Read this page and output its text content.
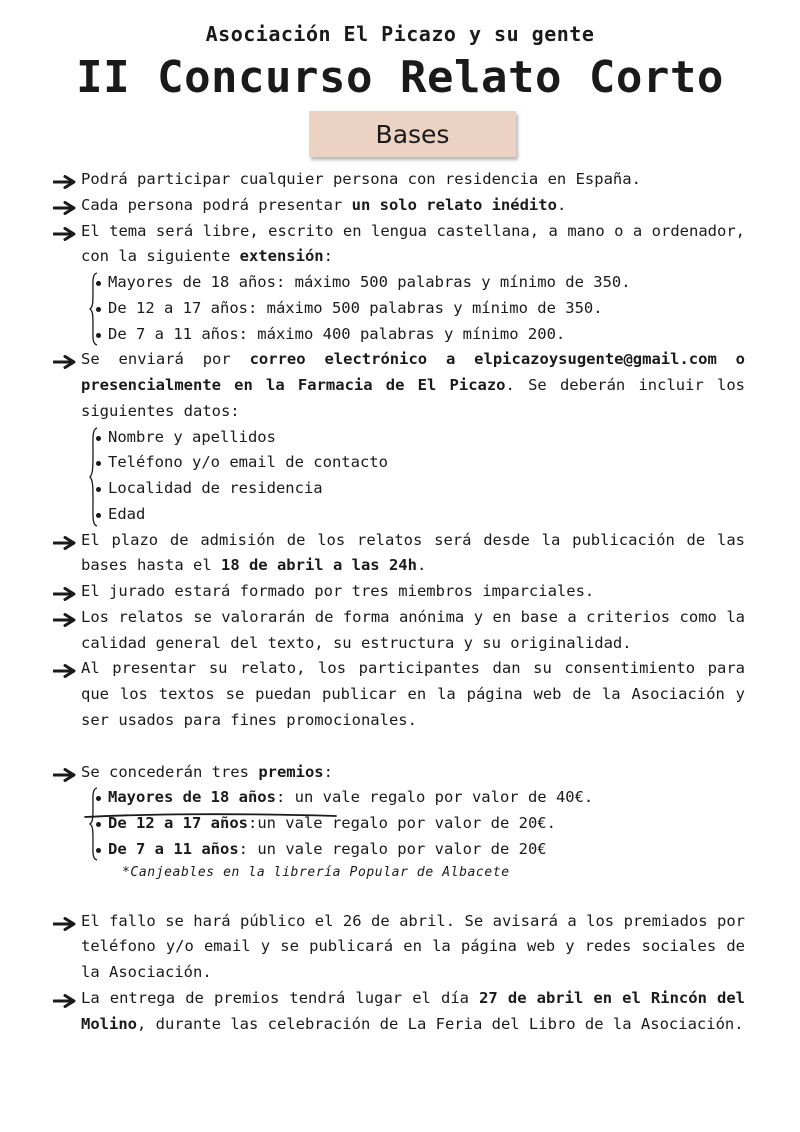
Asociación El Picazo y su gente
II Concurso Relato Corto
Bases
Podrá participar cualquier persona con residencia en España.
Cada persona podrá presentar un solo relato inédito.
El tema será libre, escrito en lengua castellana, a mano o a ordenador, con la siguiente extensión:
Mayores de 18 años: máximo 500 palabras y mínimo de 350.
De 12 a 17 años: máximo 500 palabras y mínimo de 350.
De 7 a 11 años: máximo 400 palabras y mínimo 200.
Se enviará por correo electrónico a elpicazoysugente@gmail.com o presencialmente en la Farmacia de El Picazo. Se deberán incluir los siguientes datos:
Nombre y apellidos
Teléfono y/o email de contacto
Localidad de residencia
Edad
El plazo de admisión de los relatos será desde la publicación de las bases hasta el 18 de abril a las 24h.
El jurado estará formado por tres miembros imparciales.
Los relatos se valorarán de forma anónima y en base a criterios como la calidad general del texto, su estructura y su originalidad.
Al presentar su relato, los participantes dan su consentimiento para que los textos se puedan publicar en la página web de la Asociación y ser usados para fines promocionales.
Se concederán tres premios:
Mayores de 18 años: un vale regalo por valor de 40€.
De 12 a 17 años:un vale regalo por valor de 20€.
De 7 a 11 años: un vale regalo por valor de 20€
*Canjeables en la librería Popular de Albacete
El fallo se hará público el 26 de abril. Se avisará a los premiados por teléfono y/o email y se publicará en la página web y redes sociales de la Asociación.
La entrega de premios tendrá lugar el día 27 de abril en el Rincón del Molino, durante las celebración de La Feria del Libro de la Asociación.
